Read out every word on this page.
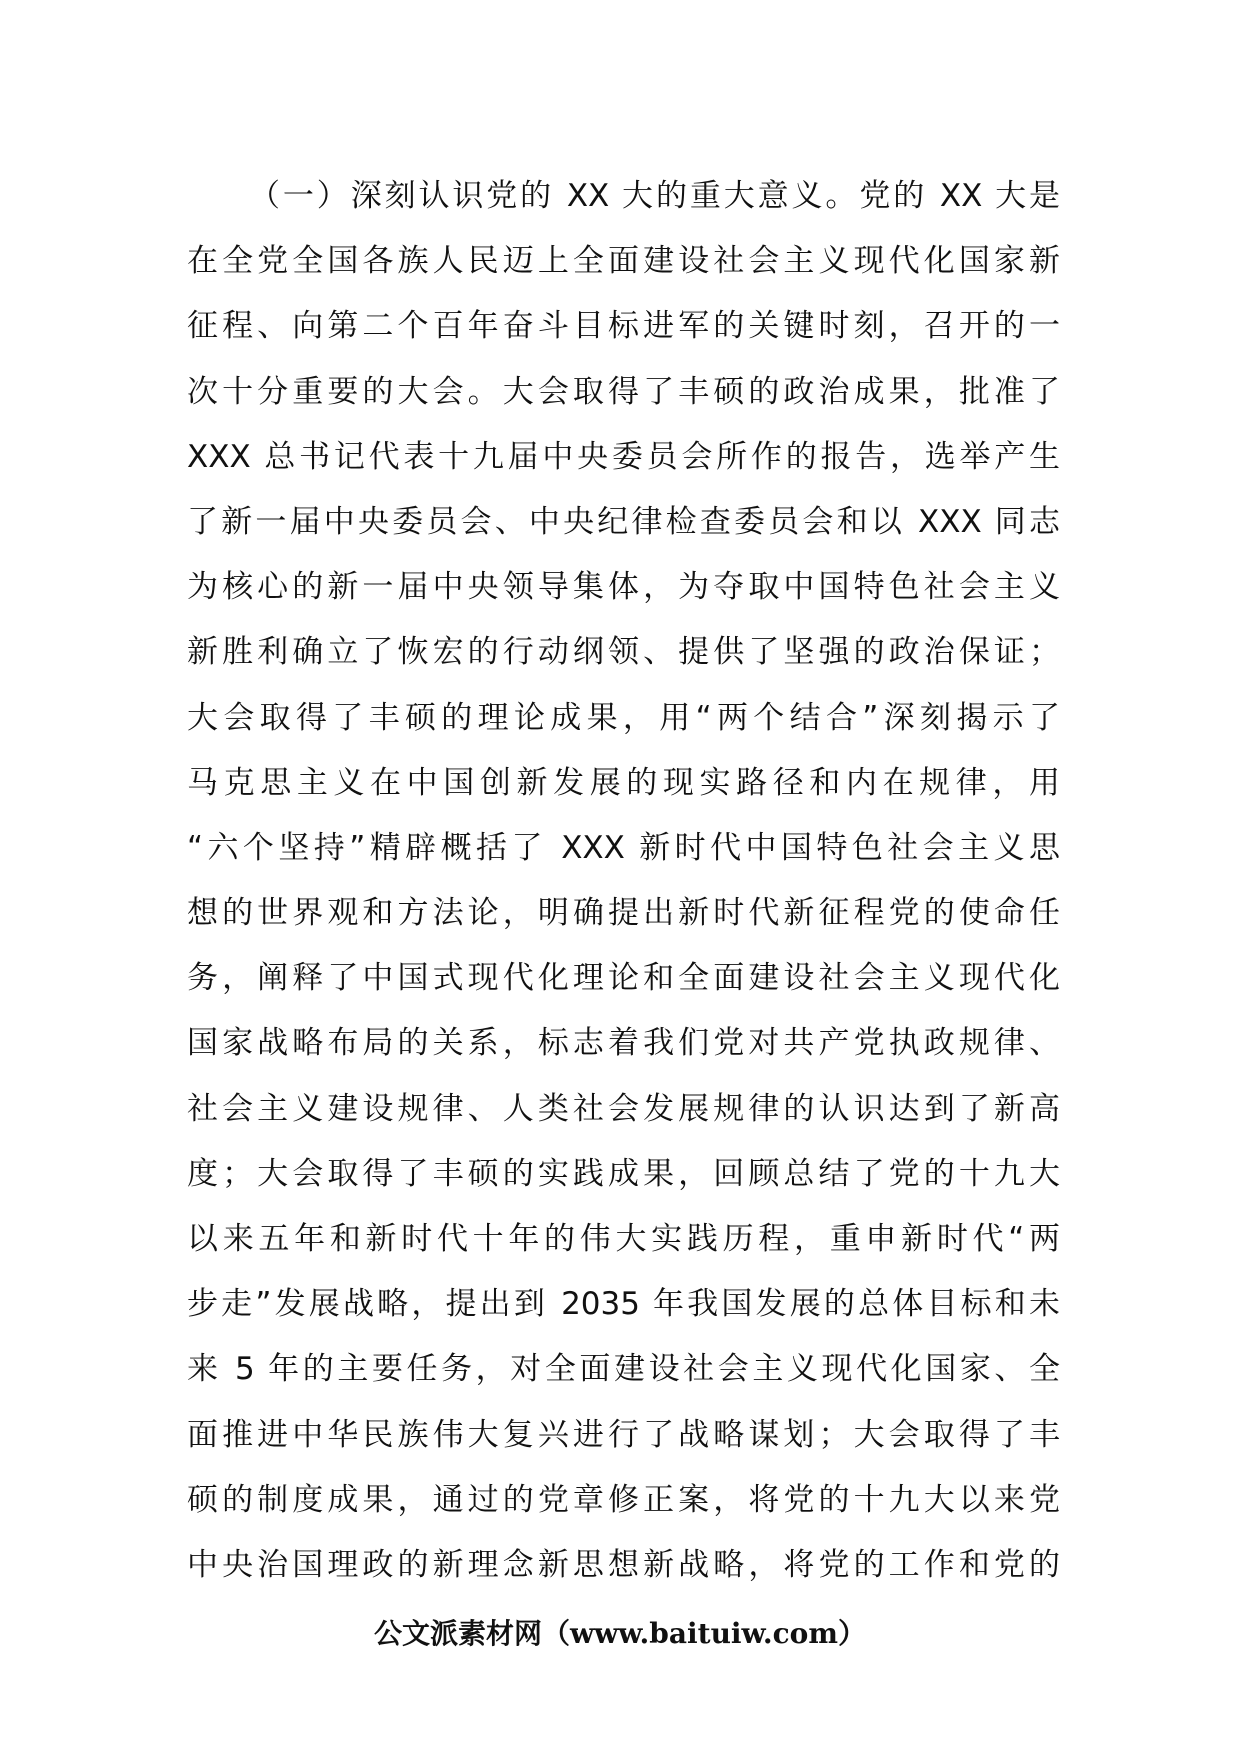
（一）深刻认识党的 XX 大的重大意义。党的 XX 大是
在全党全国各族人民迈上全面建设社会主义现代化国家新
征程、向第二个百年奋斗目标进军的关键时刻，召开的一
次十分重要的大会。大会取得了丰硕的政治成果，批准了
XXX 总书记代表十九届中央委员会所作的报告，选举产生
了新一届中央委员会、中央纪律检查委员会和以 XXX 同志
为核心的新一届中央领导集体，为夺取中国特色社会主义
新胜利确立了恢宏的行动纲领、提供了坚强的政治保证；
大会取得了丰硕的理论成果，用“两个结合”深刻揭示了
马克思主义在中国创新发展的现实路径和内在规律，用
“六个坚持”精辟概括了 XXX 新时代中国特色社会主义思
想的世界观和方法论，明确提出新时代新征程党的使命任
务，阐释了中国式现代化理论和全面建设社会主义现代化
国家战略布局的关系，标志着我们党对共产党执政规律、
社会主义建设规律、人类社会发展规律的认识达到了新高
度；大会取得了丰硕的实践成果，回顾总结了党的十九大
以来五年和新时代十年的伟大实践历程，重申新时代“两
步走”发展战略，提出到 2035 年我国发展的总体目标和未
来 5 年的主要任务，对全面建设社会主义现代化国家、全
面推进中华民族伟大复兴进行了战略谋划；大会取得了丰
硕的制度成果，通过的党章修正案，将党的十九大以来党
中央治国理政的新理念新思想新战略，将党的工作和党的
公文派素材网（www.baituiw.com）
